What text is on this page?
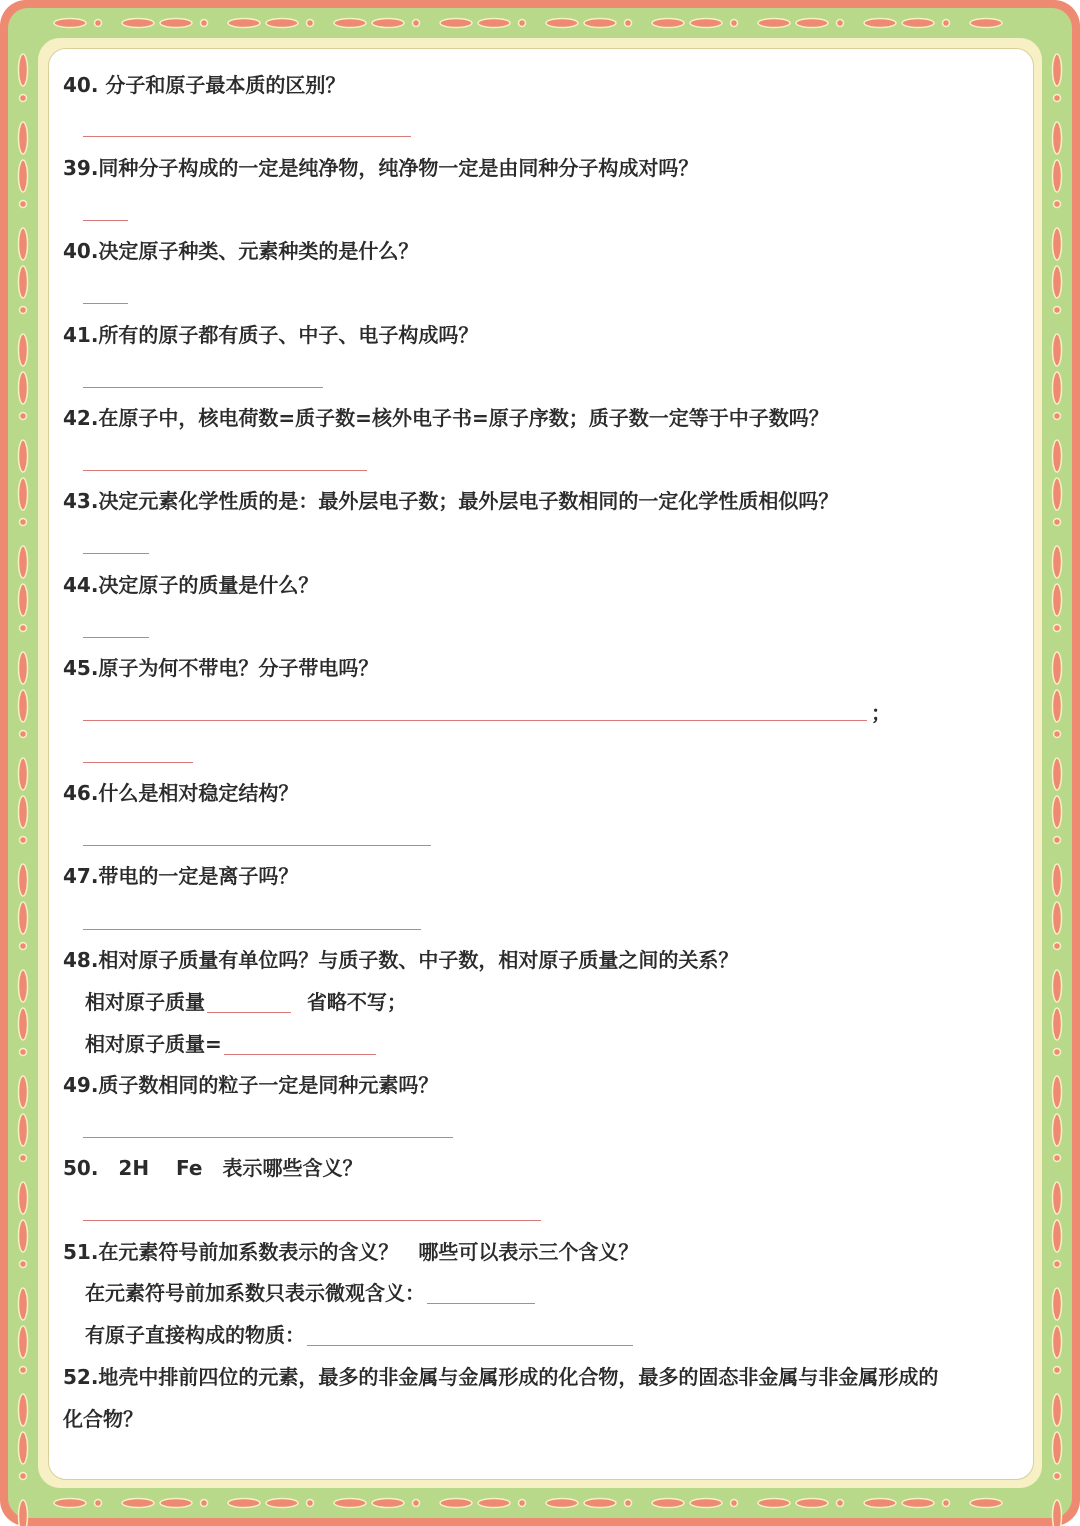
40. 分子和原子最本质的区别？
39.同种分子构成的一定是纯净物，纯净物一定是由同种分子构成对吗？
40.决定原子种类、元素种类的是什么？
41.所有的原子都有质子、中子、电子构成吗？
42.在原子中，核电荷数=质子数=核外电子书=原子序数；质子数一定等于中子数吗？
43.决定元素化学性质的是：最外层电子数；最外层电子数相同的一定化学性质相似吗？
44.决定原子的质量是什么？
45.原子为何不带电？分子带电吗？
；
46.什么是相对稳定结构？
47.带电的一定是离子吗？
48.相对原子质量有单位吗？与质子数、中子数，相对原子质量之间的关系？
相对原子质量	省略不写；
相对原子质量=
49.质子数相同的粒子一定是同种元素吗？
50.　2H　 Fe　表示哪些含义？
51.在元素符号前加系数表示的含义？　哪些可以表示三个含义？
在元素符号前加系数只表示微观含义：
有原子直接构成的物质：
52.地壳中排前四位的元素，最多的非金属与金属形成的化合物，最多的固态非金属与非金属形成的
化合物？
